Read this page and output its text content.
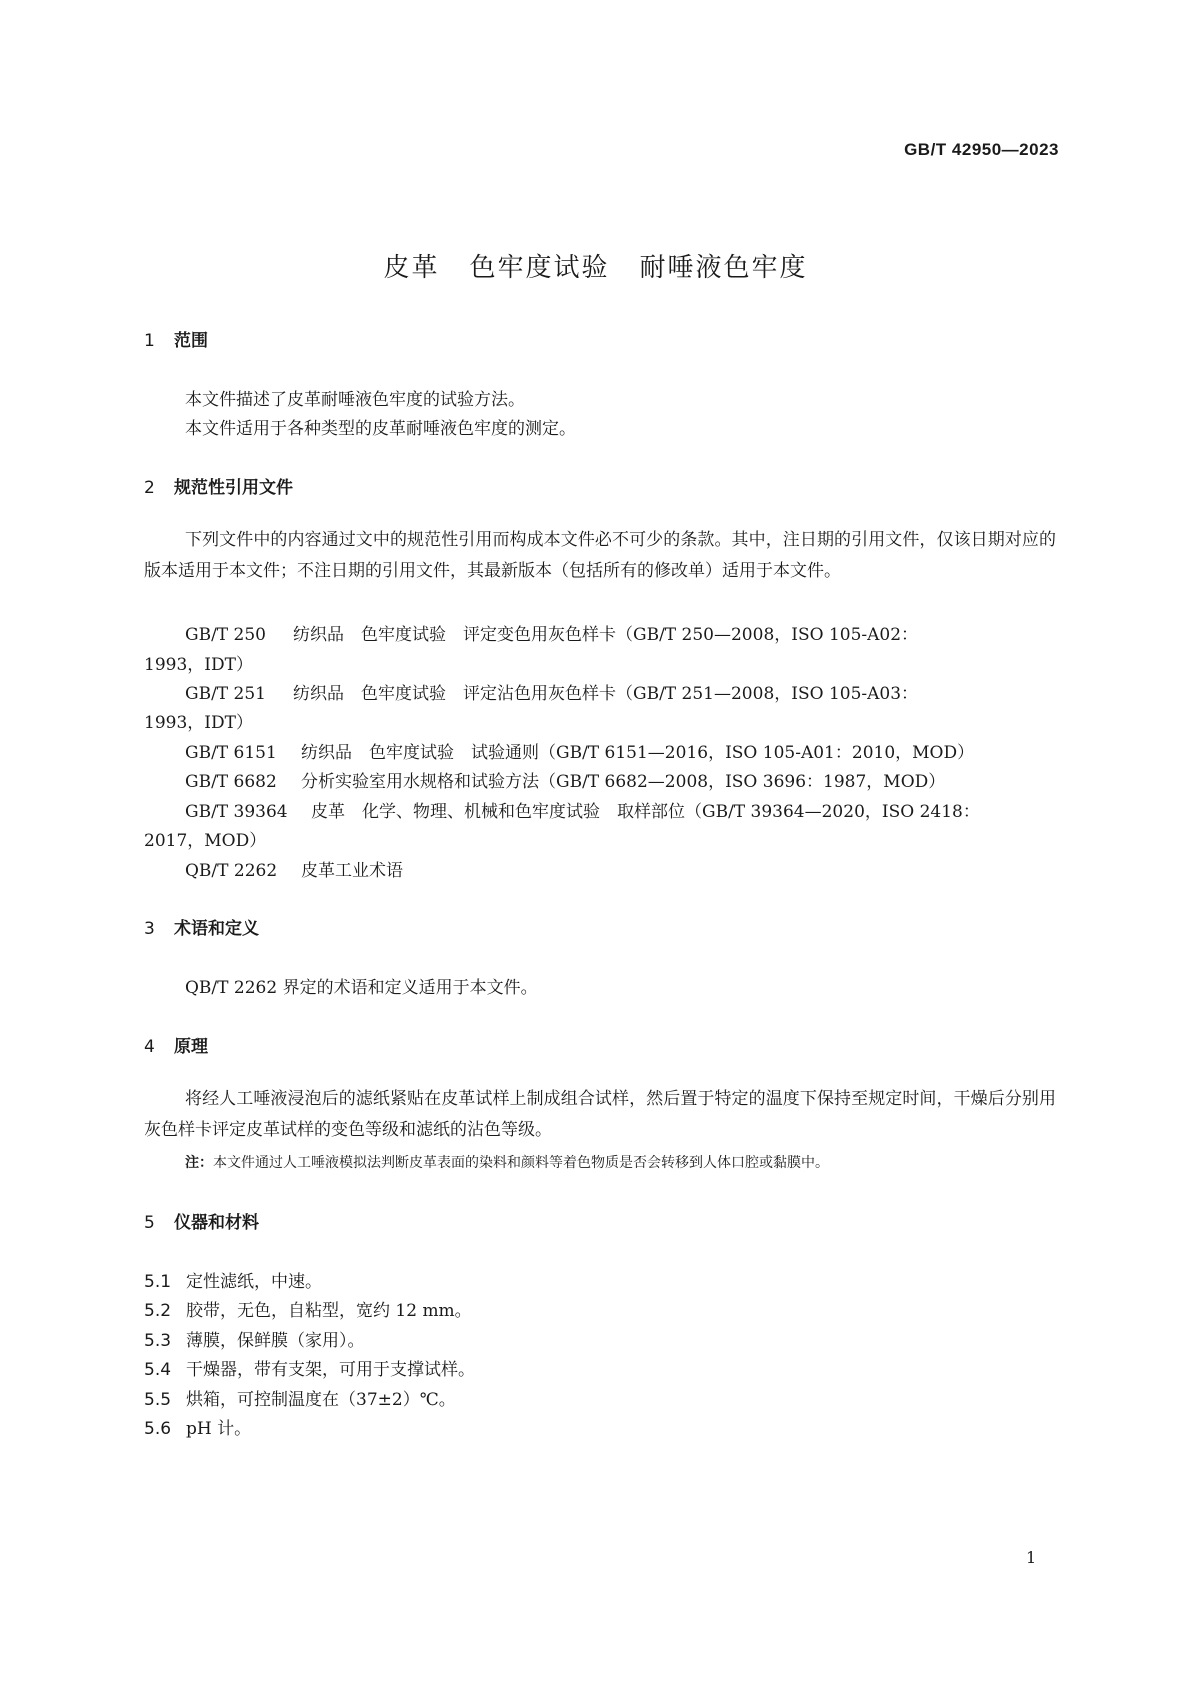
GB/T 42950—2023
皮革 色牢度试验 耐唾液色牢度
1 范围
本文件描述了皮革耐唾液色牢度的试验方法。
本文件适用于各种类型的皮革耐唾液色牢度的测定。
2 规范性引用文件
下列文件中的内容通过文中的规范性引用而构成本文件必不可少的条款。其中，注日期的引用文件，仅该日期对应的版本适用于本文件；不注日期的引用文件，其最新版本（包括所有的修改单）适用于本文件。
GB/T 250 纺织品　色牢度试验　评定变色用灰色样卡（GB/T 250—2008，ISO 105-A02：
1993，IDT）
GB/T 251 纺织品　色牢度试验　评定沾色用灰色样卡（GB/T 251—2008，ISO 105-A03：
1993，IDT）
GB/T 6151 纺织品　色牢度试验　试验通则（GB/T 6151—2016，ISO 105-A01：2010，MOD）
GB/T 6682 分析实验室用水规格和试验方法（GB/T 6682—2008，ISO 3696：1987，MOD）
GB/T 39364 皮革　化学、物理、机械和色牢度试验　取样部位（GB/T 39364—2020，ISO 2418：
2017，MOD）
QB/T 2262 皮革工业术语
3 术语和定义
QB/T 2262 界定的术语和定义适用于本文件。
4 原理
将经人工唾液浸泡后的滤纸紧贴在皮革试样上制成组合试样，然后置于特定的温度下保持至规定时间，干燥后分别用灰色样卡评定皮革试样的变色等级和滤纸的沾色等级。
注：本文件通过人工唾液模拟法判断皮革表面的染料和颜料等着色物质是否会转移到人体口腔或黏膜中。
5 仪器和材料
5.1 定性滤纸，中速。
5.2 胶带，无色，自粘型，宽约 12 mm。
5.3 薄膜，保鲜膜（家用）。
5.4 干燥器，带有支架，可用于支撑试样。
5.5 烘箱，可控制温度在（37±2）℃。
5.6 pH 计。
1
